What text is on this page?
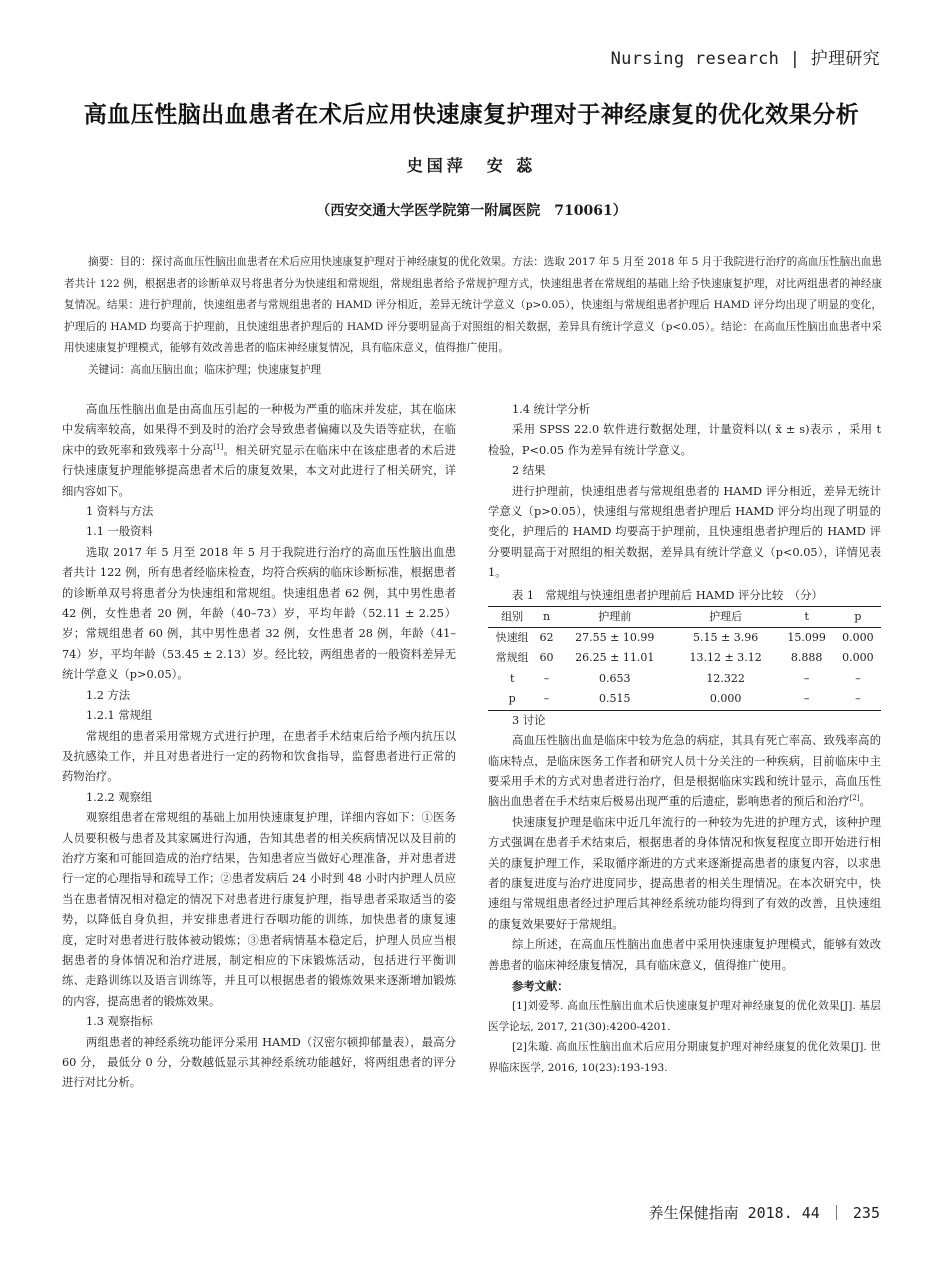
Nursing research | 护理研究
高血压性脑出血患者在术后应用快速康复护理对于神经康复的优化效果分析
史国萍　安 蕊
（西安交通大学医学院第一附属医院　710061）

摘要：目的：探讨高血压性脑出血患者在术后应用快速康复护理对于神经康复的优化效果。方法：选取 2017 年 5 月至 2018 年 5 月于我院进行治疗的高血压性脑出血患者共计 122 例，根据患者的诊断单双号将患者分为快速组和常规组，常规组患者给予常规护理方式，快速组患者在常规组的基础上给予快速康复护理，对比两组患者的神经康复情况。结果：进行护理前，快速组患者与常规组患者的 HAMD 评分相近，差异无统计学意义（p>0.05），快速组与常规组患者护理后 HAMD 评分均出现了明显的变化，护理后的 HAMD 均要高于护理前，且快速组患者护理后的 HAMD 评分要明显高于对照组的相关数据，差异具有统计学意义（p<0.05）。结论：在高血压性脑出血患者中采用快速康复护理模式，能够有效改善患者的临床神经康复情况，具有临床意义，值得推广使用。

关键词：高血压脑出血；临床护理；快速康复护理

高血压性脑出血是由高血压引起的一种极为严重的临床并发症，其在临床中发病率较高，如果得不到及时的治疗会导致患者偏瘫以及失语等症状，在临床中的致死率和致残率十分高[1]。相关研究显示在临床中在该症患者的术后进行快速康复护理能够提高患者术后的康复效果，本文对此进行了相关研究，详细内容如下。

1 资料与方法

1.1 一般资料

选取 2017 年 5 月至 2018 年 5 月于我院进行治疗的高血压性脑出血患者共计 122 例，所有患者经临床检查，均符合疾病的临床诊断标准，根据患者的诊断单双号将患者分为快速组和常规组。快速组患者 62 例，其中男性患者 42 例，女性患者 20 例，年龄（40–73）岁，平均年龄（52.11 ± 2.25）岁；常规组患者 60 例，其中男性患者 32 例，女性患者 28 例，年龄（41–74）岁，平均年龄（53.45 ± 2.13）岁。经比较，两组患者的一般资料差异无统计学意义（p>0.05）。

1.2 方法

1.2.1 常规组

常规组的患者采用常规方式进行护理，在患者手术结束后给予颅内抗压以及抗感染工作，并且对患者进行一定的药物和饮食指导，监督患者进行正常的药物治疗。

1.2.2 观察组

观察组患者在常规组的基础上加用快速康复护理，详细内容如下：①医务人员要积极与患者及其家属进行沟通，告知其患者的相关疾病情况以及目前的治疗方案和可能回造成的治疗结果，告知患者应当做好心理准备，并对患者进行一定的心理指导和疏导工作；②患者发病后 24 小时到 48 小时内护理人员应当在患者情况相对稳定的情况下对患者进行康复护理，指导患者采取适当的姿势，以降低自身负担，并安排患者进行吞咽功能的训练，加快患者的康复速度，定时对患者进行肢体被动锻炼；③患者病情基本稳定后，护理人员应当根据患者的身体情况和治疗进展，制定相应的下床锻炼活动，包括进行平衡训练、走路训练以及语言训练等，并且可以根据患者的锻炼效果来逐渐增加锻炼的内容，提高患者的锻炼效果。

1.3 观察指标

两组患者的神经系统功能评分采用 HAMD（汉密尔顿抑郁量表），最高分 60 分， 最低分 0 分，分数越低显示其神经系统功能越好，将两组患者的评分进行对比分析。

1.4 统计学分析

采用 SPSS 22.0 软件进行数据处理，计量资料以( x̄ ± s)表示 ，采用 t 检验，P<0.05 作为差异有统计学意义。

2 结果

进行护理前，快速组患者与常规组患者的 HAMD 评分相近，差异无统计学意义（p>0.05），快速组与常规组患者护理后 HAMD 评分均出现了明显的变化，护理后的 HAMD 均要高于护理前，且快速组患者护理后的 HAMD 评分要明显高于对照组的相关数据，差异具有统计学意义（p<0.05），详情见表 1。

表 1　常规组与快速组患者护理前后 HAMD 评分比较　（分）
组别	n	护理前	护理后	t	p
快速组	62	27.55 ± 10.99	5.15 ± 3.96	15.099	0.000
常规组	60	26.25 ± 11.01	13.12 ± 3.12	8.888	0.000
t	–	0.653	12.322	–	–
p	–	0.515	0.000	–	–

3 讨论

高血压性脑出血是临床中较为危急的病症，其具有死亡率高、致残率高的临床特点，是临床医务工作者和研究人员十分关注的一种疾病，目前临床中主要采用手术的方式对患者进行治疗，但是根据临床实践和统计显示，高血压性脑出血患者在手术结束后极易出现严重的后遗症，影响患者的预后和治疗[2]。

快速康复护理是临床中近几年流行的一种较为先进的护理方式，该种护理方式强调在患者手术结束后，根据患者的身体情况和恢复程度立即开始进行相关的康复护理工作，采取循序渐进的方式来逐渐提高患者的康复内容，以求患者的康复进度与治疗进度同步，提高患者的相关生理情况。在本次研究中，快速组与常规组患者经过护理后其神经系统功能均得到了有效的改善，且快速组的康复效果要好于常规组。

综上所述，在高血压性脑出血患者中采用快速康复护理模式，能够有效改善患者的临床神经康复情况，具有临床意义，值得推广使用。

参考文献：

[1]刘爱琴. 高血压性脑出血术后快速康复护理对神经康复的优化效果[J]. 基层医学论坛, 2017, 21(30):4200-4201.

[2]朱璇. 高血压性脑出血术后应用分期康复护理对神经康复的优化效果[J]. 世界临床医学, 2016, 10(23):193-193.

养生保健指南 2018. 44 ｜ 235
